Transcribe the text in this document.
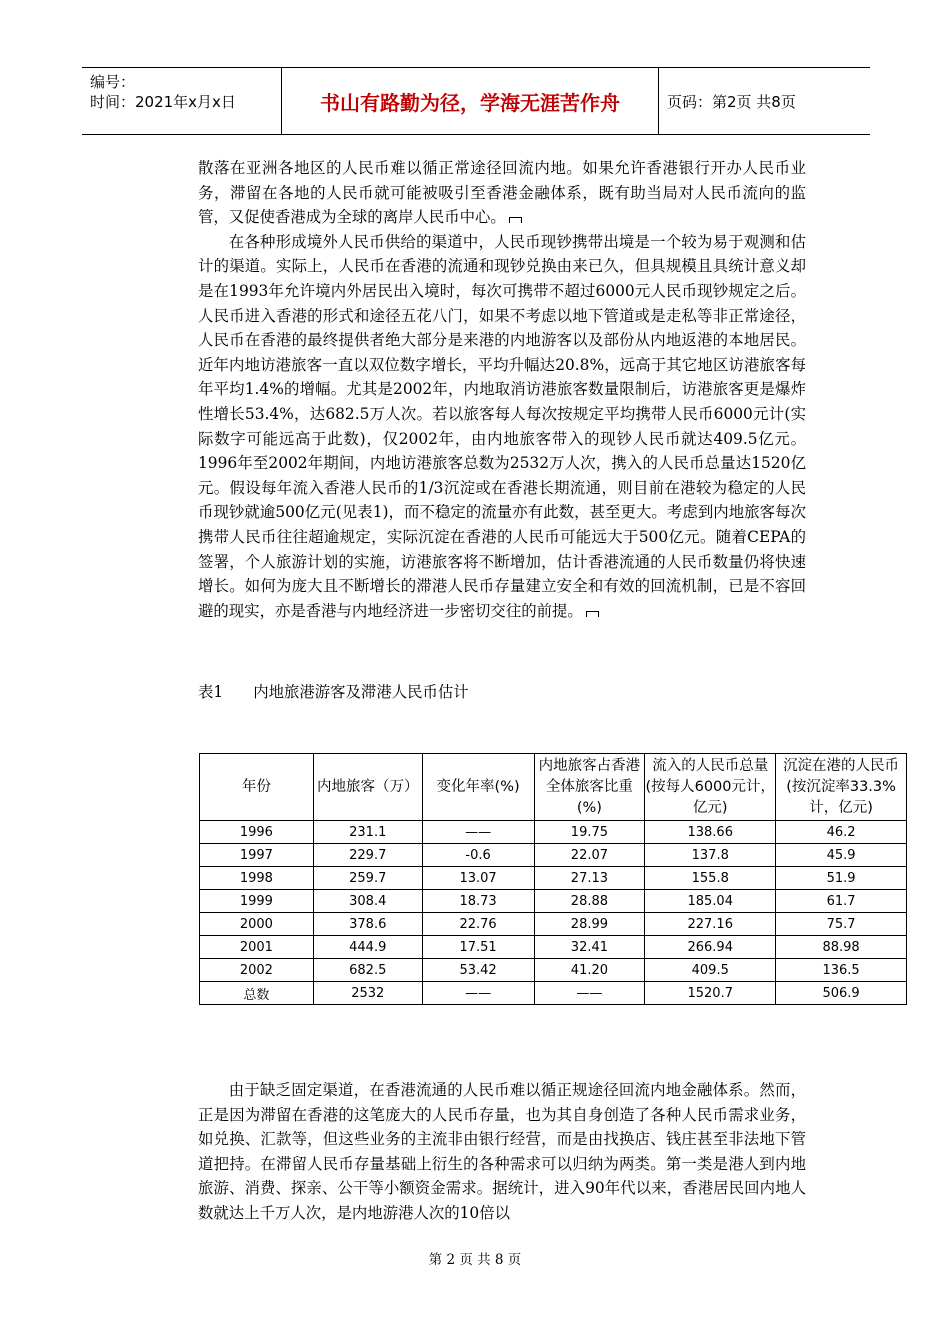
编号：
时间：2021年x月x日	书山有路勤为径，学海无涯苦作舟	页码：第2页 共8页

散落在亚洲各地区的人民币难以循正常途径回流内地。如果允许香港银行开办人民币业务，滞留在各地的人民币就可能被吸引至香港金融体系，既有助当局对人民币流向的监管，又促使香港成为全球的离岸人民币中心。

在各种形成境外人民币供给的渠道中，人民币现钞携带出境是一个较为易于观测和估计的渠道。实际上，人民币在香港的流通和现钞兑换由来已久，但具规模且具统计意义却是在1993年允许境内外居民出入境时，每次可携带不超过6000元人民币现钞规定之后。人民币进入香港的形式和途径五花八门，如果不考虑以地下管道或是走私等非正常途径，人民币在香港的最终提供者绝大部分是来港的内地游客以及部份从内地返港的本地居民。近年内地访港旅客一直以双位数字增长，平均升幅达20.8%，远高于其它地区访港旅客每年平均1.4%的增幅。尤其是2002年，内地取消访港旅客数量限制后，访港旅客更是爆炸性增长53.4%，达682.5万人次。若以旅客每人每次按规定平均携带人民币6000元计(实际数字可能远高于此数)，仅2002年，由内地旅客带入的现钞人民币就达409.5亿元。1996年至2002年期间，内地访港旅客总数为2532万人次，携入的人民币总量达1520亿元。假设每年流入香港人民币的1/3沉淀或在香港长期流通，则目前在港较为稳定的人民币现钞就逾500亿元(见表1)，而不稳定的流量亦有此数，甚至更大。考虑到内地旅客每次携带人民币往往超逾规定，实际沉淀在香港的人民币可能远大于500亿元。随着CEPA的签署，个人旅游计划的实施，访港旅客将不断增加，估计香港流通的人民币数量仍将快速增长。如何为庞大且不断增长的滞港人民币存量建立安全和有效的回流机制，已是不容回避的现实，亦是香港与内地经济进一步密切交往的前提。

表1 内地旅港游客及滞港人民币估计
年份	内地旅客（万）	变化年率(%)	内地旅客占香港全体旅客比重(%)	流入的人民币总量(按每人6000元计，亿元)	沉淀在港的人民币(按沉淀率33.3%计，亿元)
1996	231.1	——	19.75	138.66	46.2
1997	229.7	-0.6	22.07	137.8	45.9
1998	259.7	13.07	27.13	155.8	51.9
1999	308.4	18.73	28.88	185.04	61.7
2000	378.6	22.76	28.99	227.16	75.7
2001	444.9	17.51	32.41	266.94	88.98
2002	682.5	53.42	41.20	409.5	136.5
总数	2532	——	——	1520.7	506.9

由于缺乏固定渠道，在香港流通的人民币难以循正规途径回流内地金融体系。然而，正是因为滞留在香港的这笔庞大的人民币存量，也为其自身创造了各种人民币需求业务，如兑换、汇款等，但这些业务的主流非由银行经营，而是由找换店、钱庄甚至非法地下管道把持。在滞留人民币存量基础上衍生的各种需求可以归纳为两类。第一类是港人到内地旅游、消费、探亲、公干等小额资金需求。据统计，进入90年代以来，香港居民回内地人数就达上千万人次，是内地游港人次的10倍以

第 2 页 共 8 页
